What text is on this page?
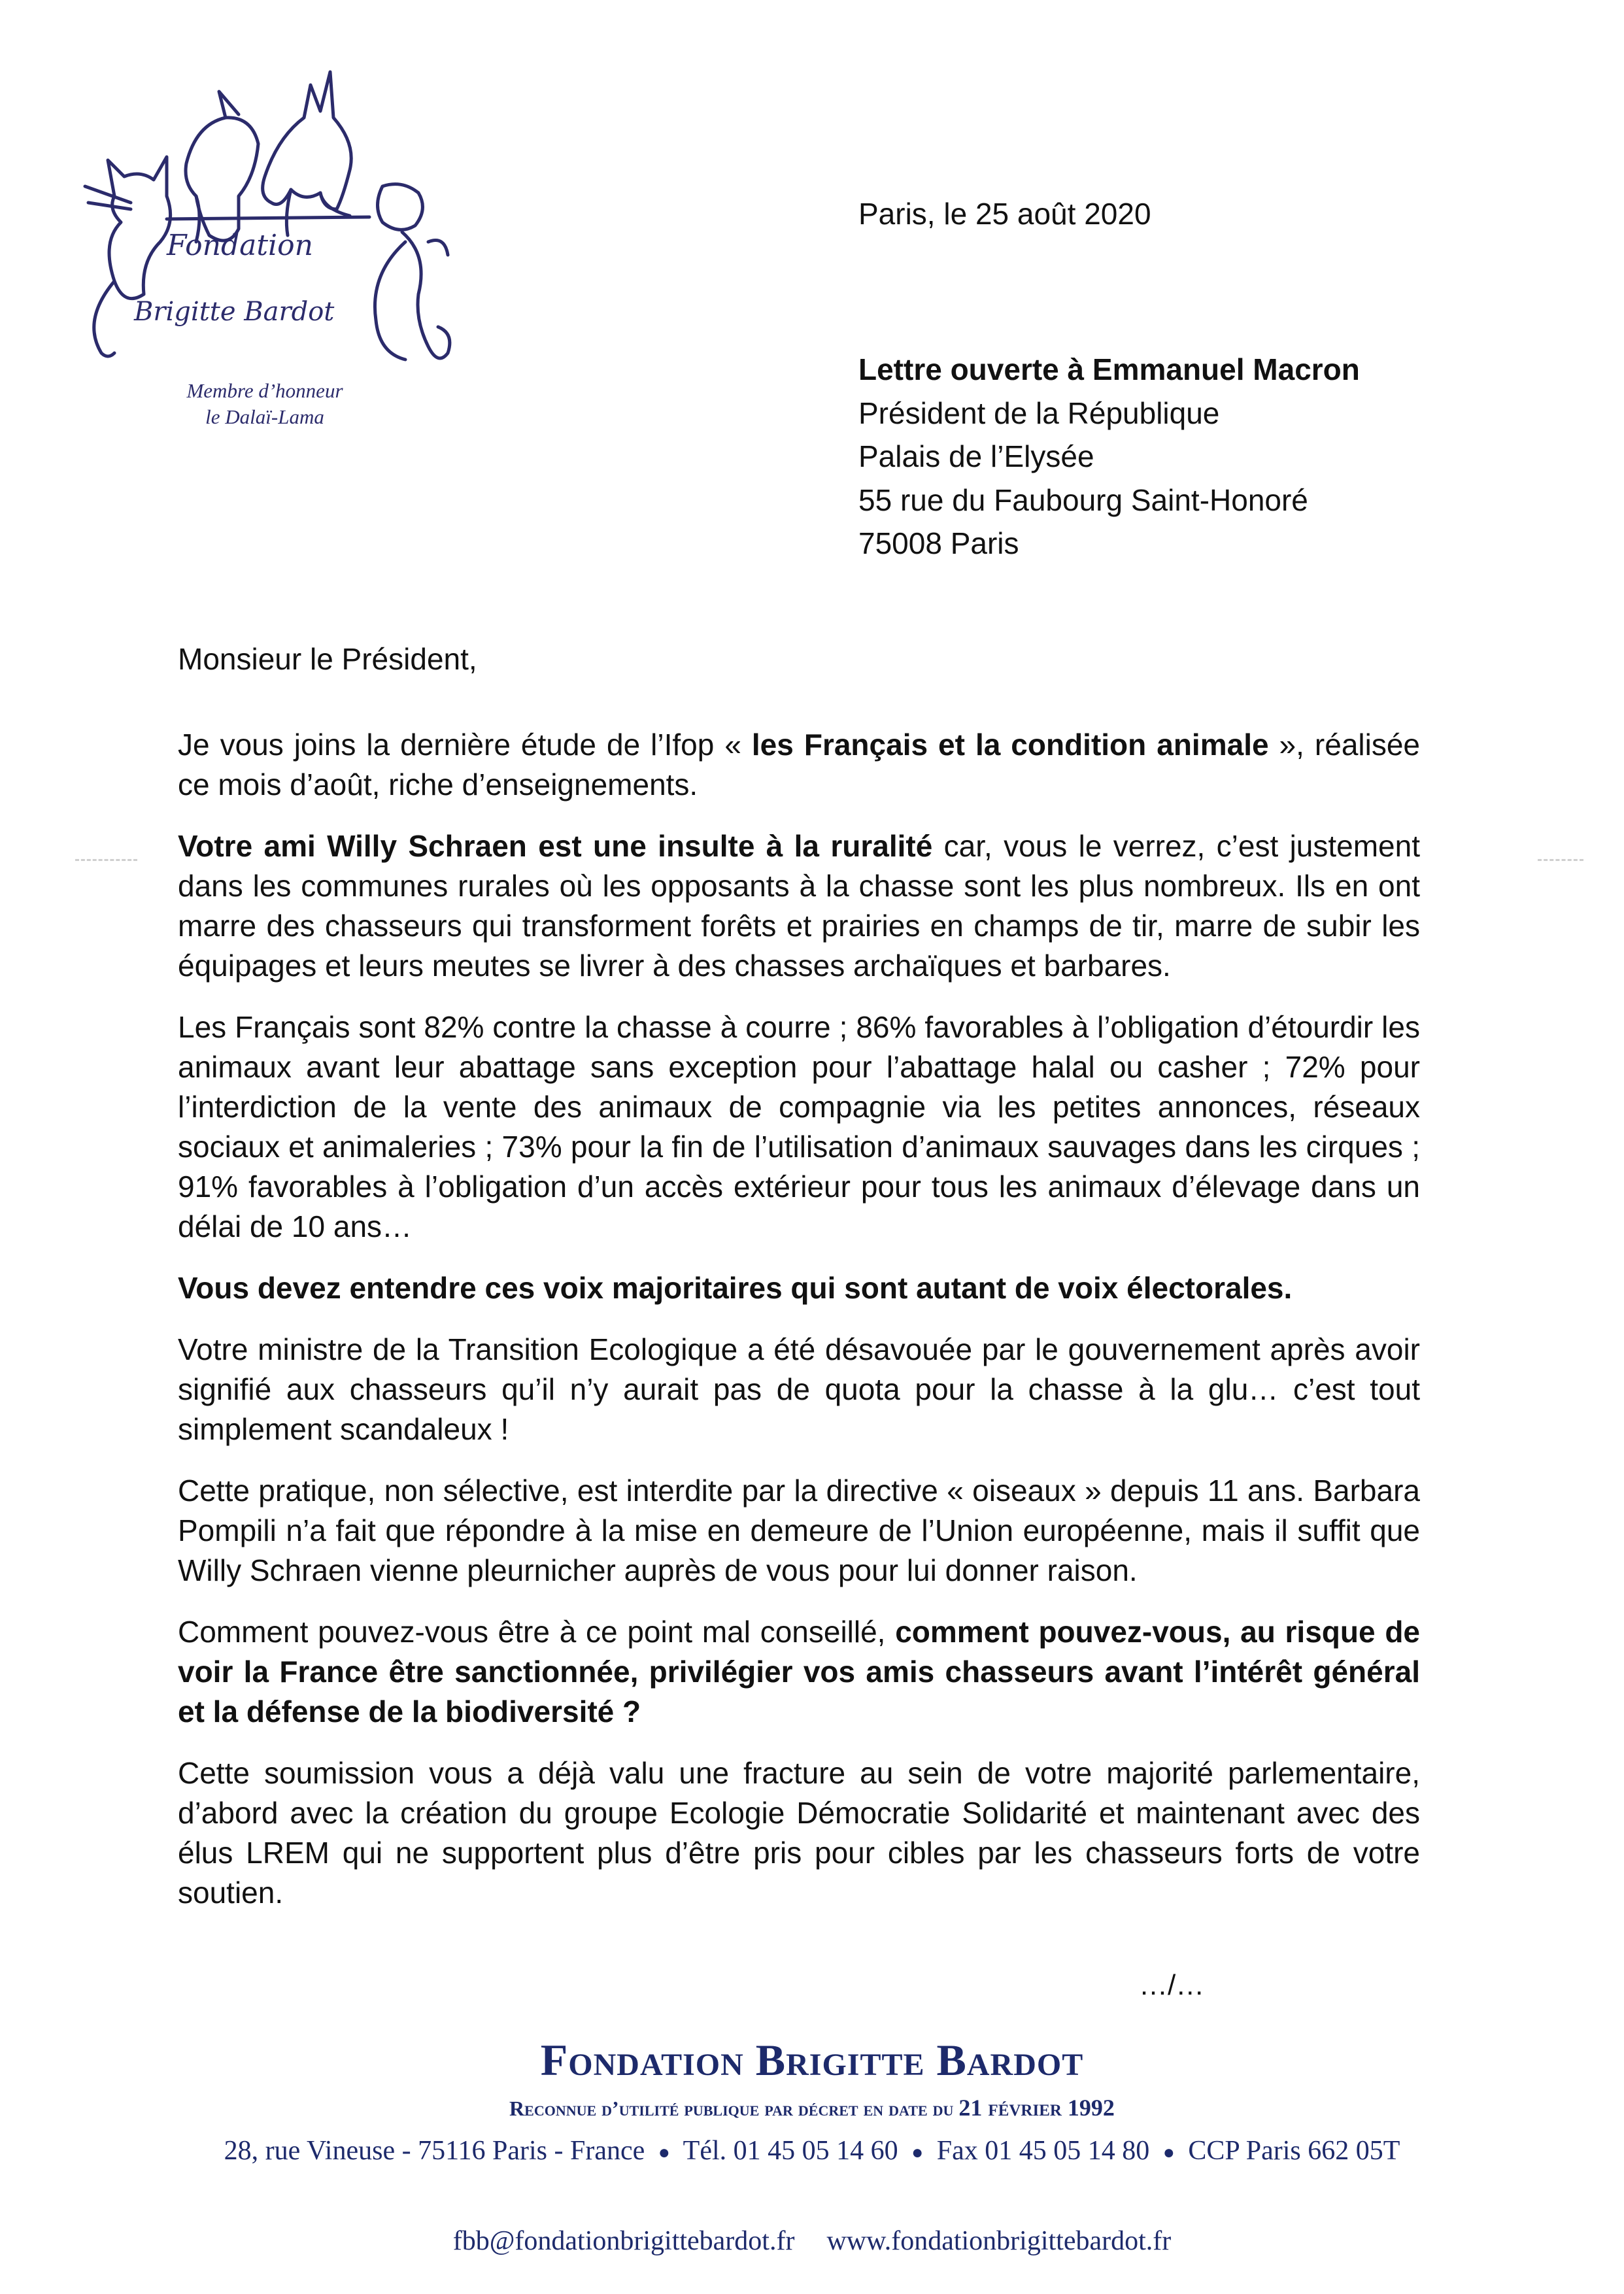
Fondation
Brigitte Bardot
Membre d’honneur
le Dalaï-Lama
Paris, le 25 août 2020
Lettre ouverte à Emmanuel Macron
Président de la République
Palais de l’Elysée
55 rue du Faubourg Saint-Honoré
75008 Paris

Monsieur le Président,

Je vous joins la dernière étude de l’Ifop « les Français et la condition animale », réalisée ce mois d’août, riche d’enseignements.

Votre ami Willy Schraen est une insulte à la ruralité car, vous le verrez, c’est justement dans les communes rurales où les opposants à la chasse sont les plus nombreux. Ils en ont marre des chasseurs qui transforment forêts et prairies en champs de tir, marre de subir les équipages et leurs meutes se livrer à des chasses archaïques et barbares.

Les Français sont 82% contre la chasse à courre ; 86% favorables à l’obligation d’étourdir les animaux avant leur abattage sans exception pour l’abattage halal ou casher ; 72% pour l’interdiction de la vente des animaux de compagnie via les petites annonces, réseaux sociaux et animaleries ; 73% pour la fin de l’utilisation d’animaux sauvages dans les cirques ; 91% favorables à l’obligation d’un accès extérieur pour tous les animaux d’élevage dans un délai de 10 ans…

Vous devez entendre ces voix majoritaires qui sont autant de voix électorales.

Votre ministre de la Transition Ecologique a été désavouée par le gouvernement après avoir signifié aux chasseurs qu’il n’y aurait pas de quota pour la chasse à la glu… c’est tout simplement scandaleux !

Cette pratique, non sélective, est interdite par la directive « oiseaux » depuis 11 ans. Barbara Pompili n’a fait que répondre à la mise en demeure de l’Union européenne, mais il suffit que Willy Schraen vienne pleurnicher auprès de vous pour lui donner raison.

Comment pouvez-vous être à ce point mal conseillé, comment pouvez-vous, au risque de voir la France être sanctionnée, privilégier vos amis chasseurs avant l’intérêt général et la défense de la biodiversité ?

Cette soumission vous a déjà valu une fracture au sein de votre majorité parlementaire, d’abord avec la création du groupe Ecologie Démocratie Solidarité et maintenant avec des élus LREM qui ne supportent plus d’être pris pour cibles par les chasseurs forts de votre soutien.

…/…
Fondation Brigitte Bardot
Reconnue d’utilité publique par décret en date du 21 février 1992
28, rue Vineuse - 75116 Paris - France ● Tél. 01 45 05 14 60 ● Fax 01 45 05 14 80 ● CCP Paris 662 05T
fbb@fondationbrigittebardot.fr www.fondationbrigittebardot.fr
